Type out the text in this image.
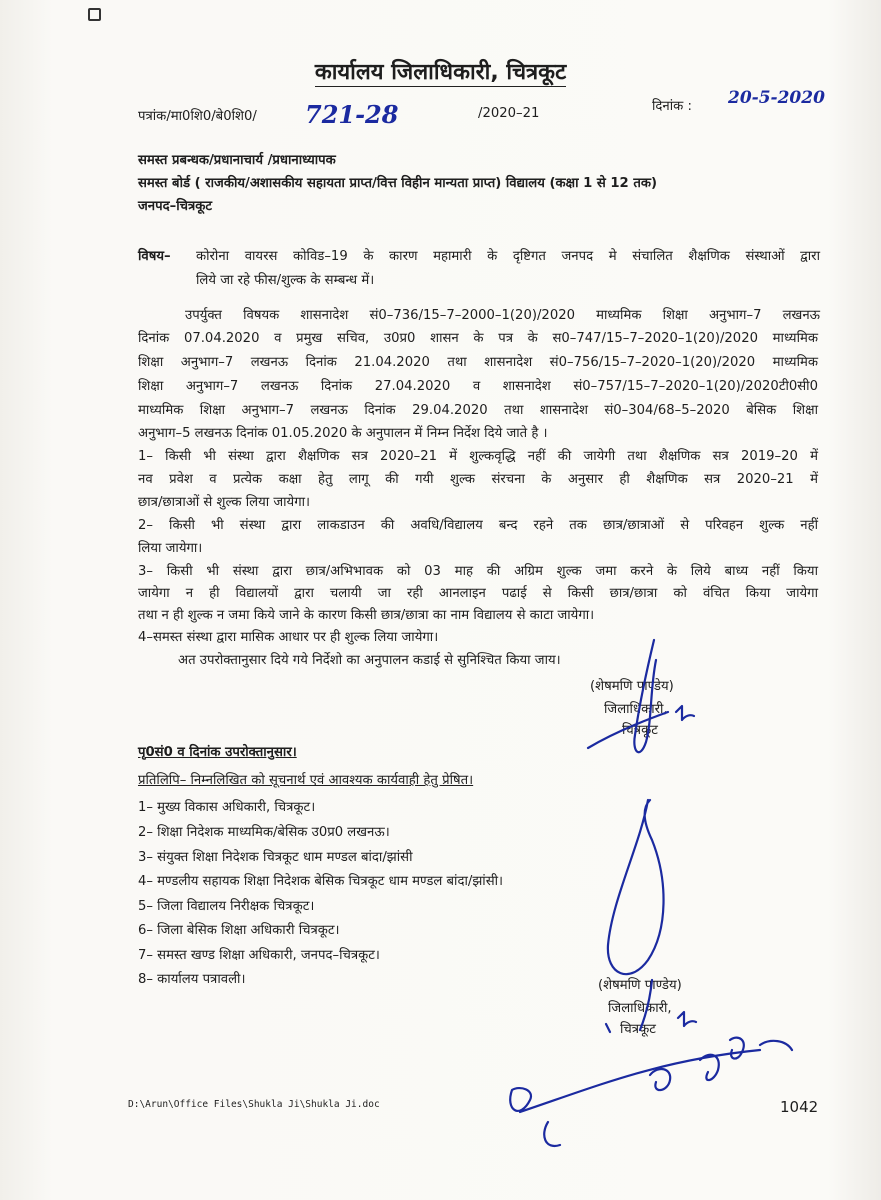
कार्यालय जिलाधिकारी, चित्रकूट
पत्रांक/मा0शि0/बे0शि0/ 721-28	/2020–21	दिनांक : 20-5-2020
समस्त प्रबन्धक/प्रधानाचार्य /प्रधानाध्यापक
समस्त बोर्ड ( राजकीय/अशासकीय सहायता प्राप्त/वित्त विहीन मान्यता प्राप्त) विद्यालय (कक्षा 1 से 12 तक)
जनपद–चित्रकूट
विषय– कोरोना वायरस कोविड–19 के कारण महामारी के दृष्टिगत जनपद मे संचालित शैक्षणिक संस्थाओं द्वारा
लिये जा रहे फीस/शुल्क के सम्बन्ध में।
उपर्युक्त विषयक शासनादेश सं0–736/15–7–2000–1(20)/2020 माध्यमिक शिक्षा अनुभाग–7 लखनऊ
दिनांक 07.04.2020 व प्रमुख सचिव, उ0प्र0 शासन के पत्र के स0–747/15–7–2020–1(20)/2020 माध्यमिक
शिक्षा अनुभाग–7 लखनऊ दिनांक 21.04.2020 तथा शासनादेश सं0–756/15–7–2020–1(20)/2020 माध्यमिक
शिक्षा अनुभाग–7 लखनऊ दिनांक 27.04.2020 व शासनादेश सं0–757/15–7–2020–1(20)/2020टी0सी0
माध्यमिक शिक्षा अनुभाग–7 लखनऊ दिनांक 29.04.2020 तथा शासनादेश सं0–304/68–5–2020 बेसिक शिक्षा
अनुभाग–5 लखनऊ दिनांक 01.05.2020 के अनुपालन में निम्न निर्देश दिये जाते है ।
1– किसी भी संस्था द्वारा शैक्षणिक सत्र 2020–21 में शुल्कवृद्धि नहीं की जायेगी तथा शैक्षणिक सत्र 2019–20 में
नव प्रवेश व प्रत्येक कक्षा हेतु लागू की गयी शुल्क संरचना के अनुसार ही शैक्षणिक सत्र 2020–21 में
छात्र/छात्राओं से शुल्क लिया जायेगा।
2– किसी भी संस्था द्वारा लाकडाउन की अवधि/विद्यालय बन्द रहने तक छात्र/छात्राओं से परिवहन शुल्क नहीं
लिया जायेगा।
3– किसी भी संस्था द्वारा छात्र/अभिभावक को 03 माह की अग्रिम शुल्क जमा करने के लिये बाध्य नहीं किया
जायेगा न ही विद्यालयों द्वारा चलायी जा रही आनलाइन पढाई से किसी छात्र/छात्रा को वंचित किया जायेगा
तथा न ही शुल्क न जमा किये जाने के कारण किसी छात्र/छात्रा का नाम विद्यालय से काटा जायेगा।
4–समस्त संस्था द्वारा मासिक आधार पर ही शुल्क लिया जायेगा।
अत उपरोक्तानुसार दिये गये निर्देशो का अनुपालन कडाई से सुनिश्चित किया जाय।
(शेषमणि पाण्डेय)
जिलाधिकारी,
चित्रकूट
पृ0सं0 व दिनांक उपरोक्तानुसार।
प्रतिलिपि– निम्नलिखित को सूचनार्थ एवं आवश्यक कार्यवाही हेतु प्रेषित।
1– मुख्य विकास अधिकारी, चित्रकूट।
2– शिक्षा निदेशक माध्यमिक/बेसिक उ0प्र0 लखनऊ।
3– संयुक्त शिक्षा निदेशक चित्रकूट धाम मण्डल बांदा/झांसी
4– मण्डलीय सहायक शिक्षा निदेशक बेसिक चित्रकूट धाम मण्डल बांदा/झांसी।
5– जिला विद्यालय निरीक्षक चित्रकूट।
6– जिला बेसिक शिक्षा अधिकारी चित्रकूट।
7– समस्त खण्ड शिक्षा अधिकारी, जनपद–चित्रकूट।
8– कार्यालय पत्रावली।	(शेषमणि पाण्डेय)
जिलाधिकारी,
चित्रकूट
D:\Arun\Office Files\Shukla Ji\Shukla Ji.doc	1042
